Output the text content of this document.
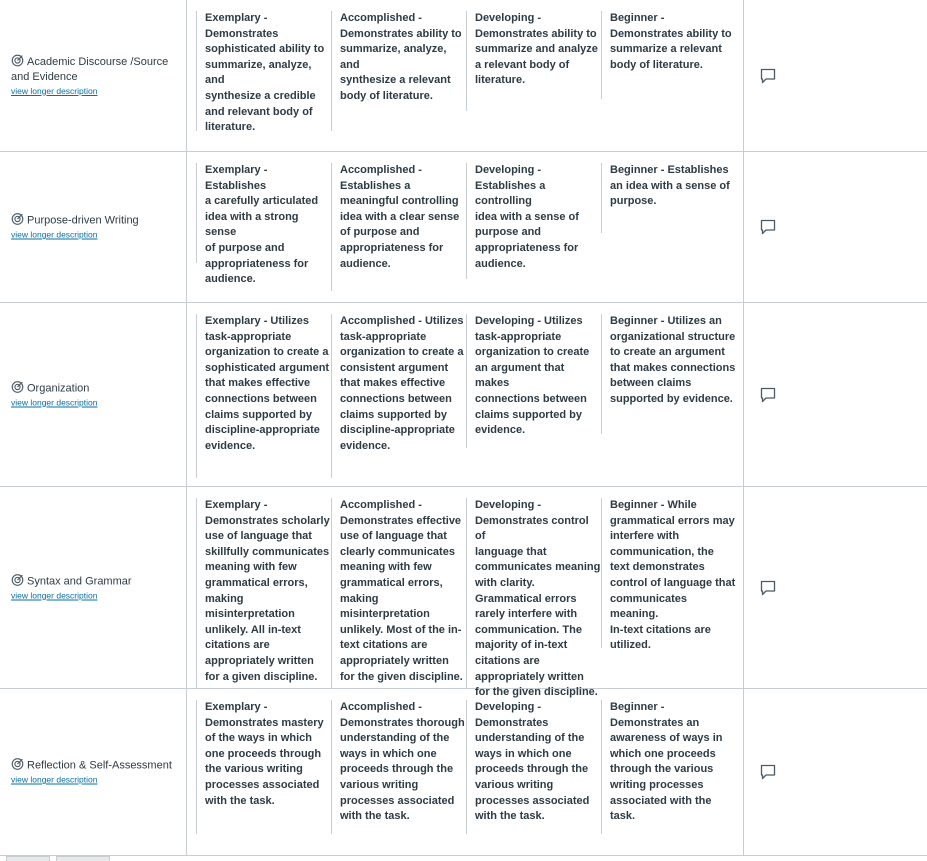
Academic Discourse /Source and Evidence
view longer description
Exemplary -
Demonstrates
sophisticated ability to
summarize, analyze, and
synthesize a credible
and relevant body of
literature.
Accomplished -
Demonstrates ability to
summarize, analyze, and
synthesize a relevant
body of literature.
Developing -
Demonstrates ability to
summarize and analyze
a relevant body of
literature.
Beginner -
Demonstrates ability to
summarize a relevant
body of literature.
Purpose-driven Writing
view longer description
Exemplary - Establishes
a carefully articulated
idea with a strong sense
of purpose and
appropriateness for
audience.
Accomplished -
Establishes a
meaningful controlling
idea with a clear sense
of purpose and
appropriateness for
audience.
Developing -
Establishes a controlling
idea with a sense of
purpose and
appropriateness for
audience.
Beginner - Establishes
an idea with a sense of
purpose.
Organization
view longer description
Exemplary - Utilizes
task-appropriate
organization to create a
sophisticated argument
that makes effective
connections between
claims supported by
discipline-appropriate
evidence.
Accomplished - Utilizes
task-appropriate
organization to create a
consistent argument
that makes effective
connections between
claims supported by
discipline-appropriate
evidence.
Developing - Utilizes
task-appropriate
organization to create
an argument that makes
connections between
claims supported by
evidence.
Beginner - Utilizes an
organizational structure
to create an argument
that makes connections
between claims
supported by evidence.
Syntax and Grammar
view longer description
Exemplary -
Demonstrates scholarly
use of language that
skillfully communicates
meaning with few
grammatical errors,
making
misinterpretation
unlikely. All in-text
citations are
appropriately written
for a given discipline.
Accomplished -
Demonstrates effective
use of language that
clearly communicates
meaning with few
grammatical errors,
making
misinterpretation
unlikely. Most of the in-
text citations are
appropriately written
for the given discipline.
Developing -
Demonstrates control of
language that
communicates meaning
with clarity.
Grammatical errors
rarely interfere with
communication. The
majority of in-text
citations are
appropriately written
for the given discipline.
Beginner - While
grammatical errors may
interfere with
communication, the
text demonstrates
control of language that
communicates meaning.
In-text citations are
utilized.
Reflection & Self-Assessment
view longer description
Exemplary -
Demonstrates mastery
of the ways in which
one proceeds through
the various writing
processes associated
with the task.
Accomplished -
Demonstrates thorough
understanding of the
ways in which one
proceeds through the
various writing
processes associated
with the task.
Developing -
Demonstrates
understanding of the
ways in which one
proceeds through the
various writing
processes associated
with the task.
Beginner -
Demonstrates an
awareness of ways in
which one proceeds
through the various
writing processes
associated with the
task.
